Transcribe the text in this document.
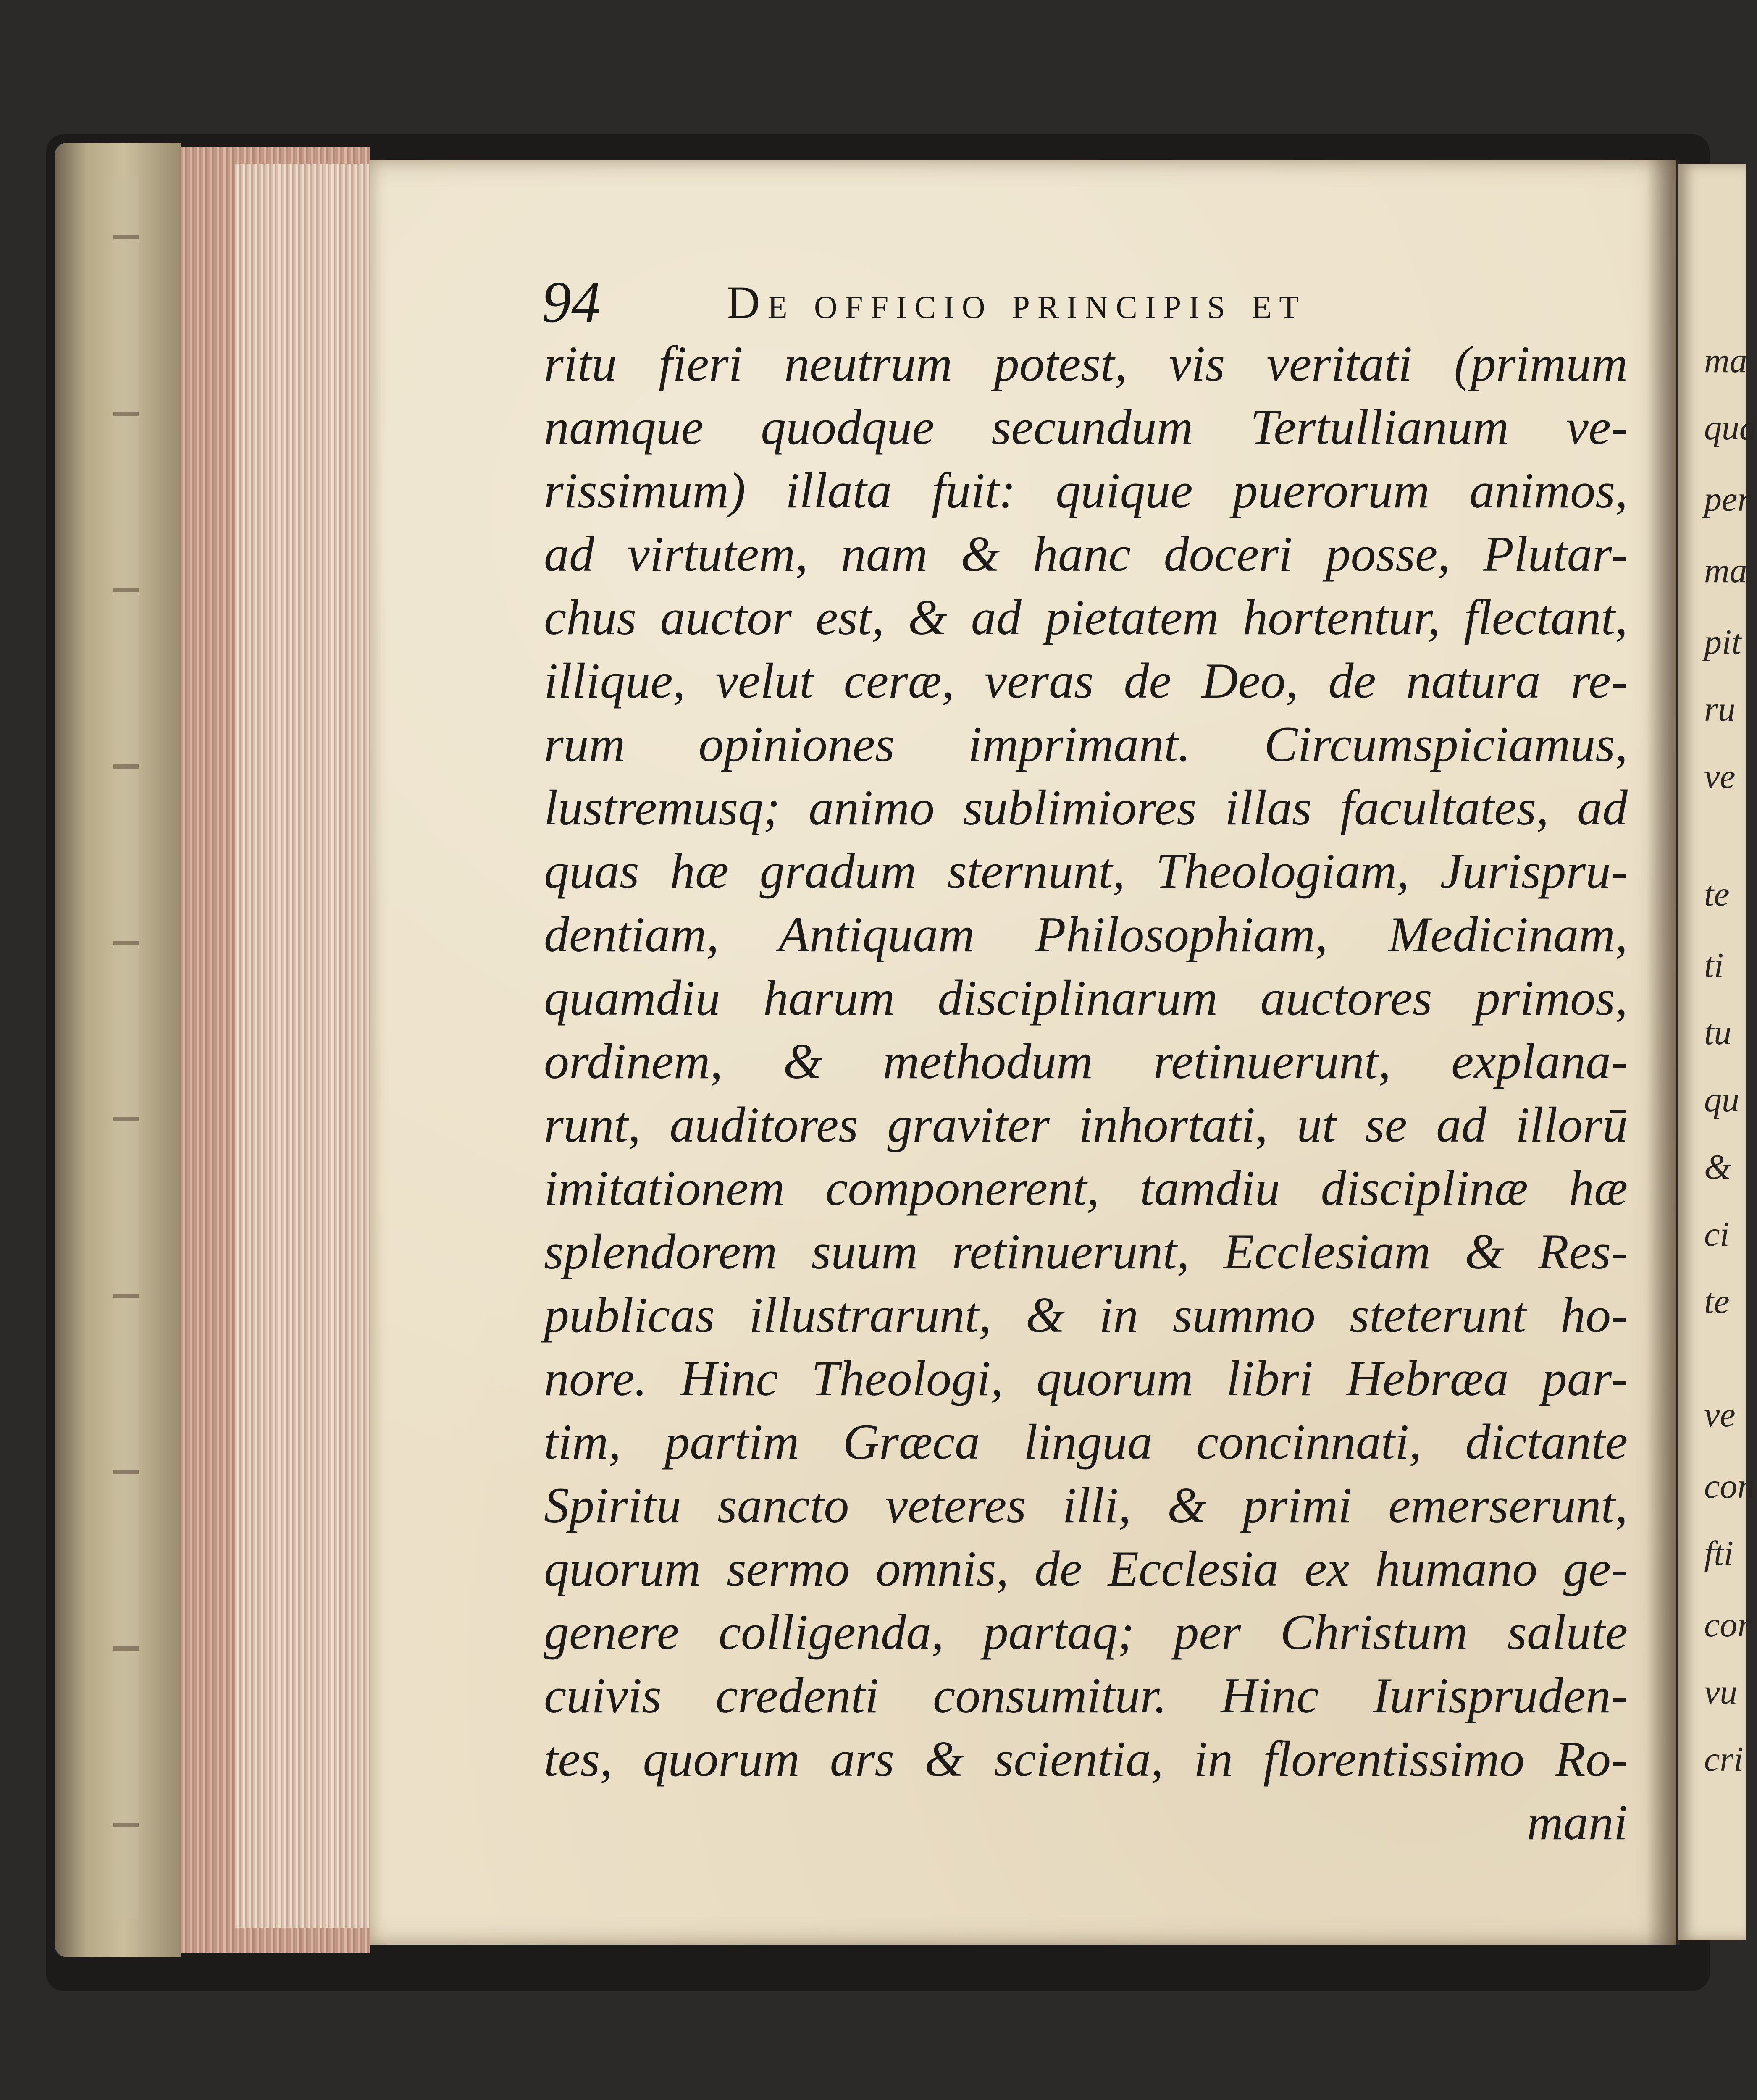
ma
qua
per
ma
pit
ru
ve
te
ti
tu
qu
&
ci
te
ve
con
fti
cor
vu
cri
94	De officio principis et
ritu fieri neutrum potest, vis veritati (primum
namque quodque secundum Tertullianum ve-
rissimum) illata fuit: quique puerorum animos,
ad virtutem, nam & hanc doceri posse, Plutar-
chus auctor est, & ad pietatem hortentur, flectant,
illique, velut ceræ, veras de Deo, de natura re-
rum opiniones imprimant. Circumspiciamus,
lustremusq; animo sublimiores illas facultates, ad
quas hæ gradum sternunt, Theologiam, Jurispru-
dentiam, Antiquam Philosophiam, Medicinam,
quamdiu harum disciplinarum auctores primos,
ordinem, & methodum retinuerunt, explana-
runt, auditores graviter inhortati, ut se ad illorū
imitationem componerent, tamdiu disciplinæ hæ
splendorem suum retinuerunt, Ecclesiam & Res-
publicas illustrarunt, & in summo steterunt ho-
nore. Hinc Theologi, quorum libri Hebræa par-
tim, partim Græca lingua concinnati, dictante
Spiritu sancto veteres illi, & primi emerserunt,
quorum sermo omnis, de Ecclesia ex humano ge-
genere colligenda, partaq; per Christum salute
cuivis credenti consumitur. Hinc Iurispruden-
tes, quorum ars & scientia, in florentissimo Ro-
mani
